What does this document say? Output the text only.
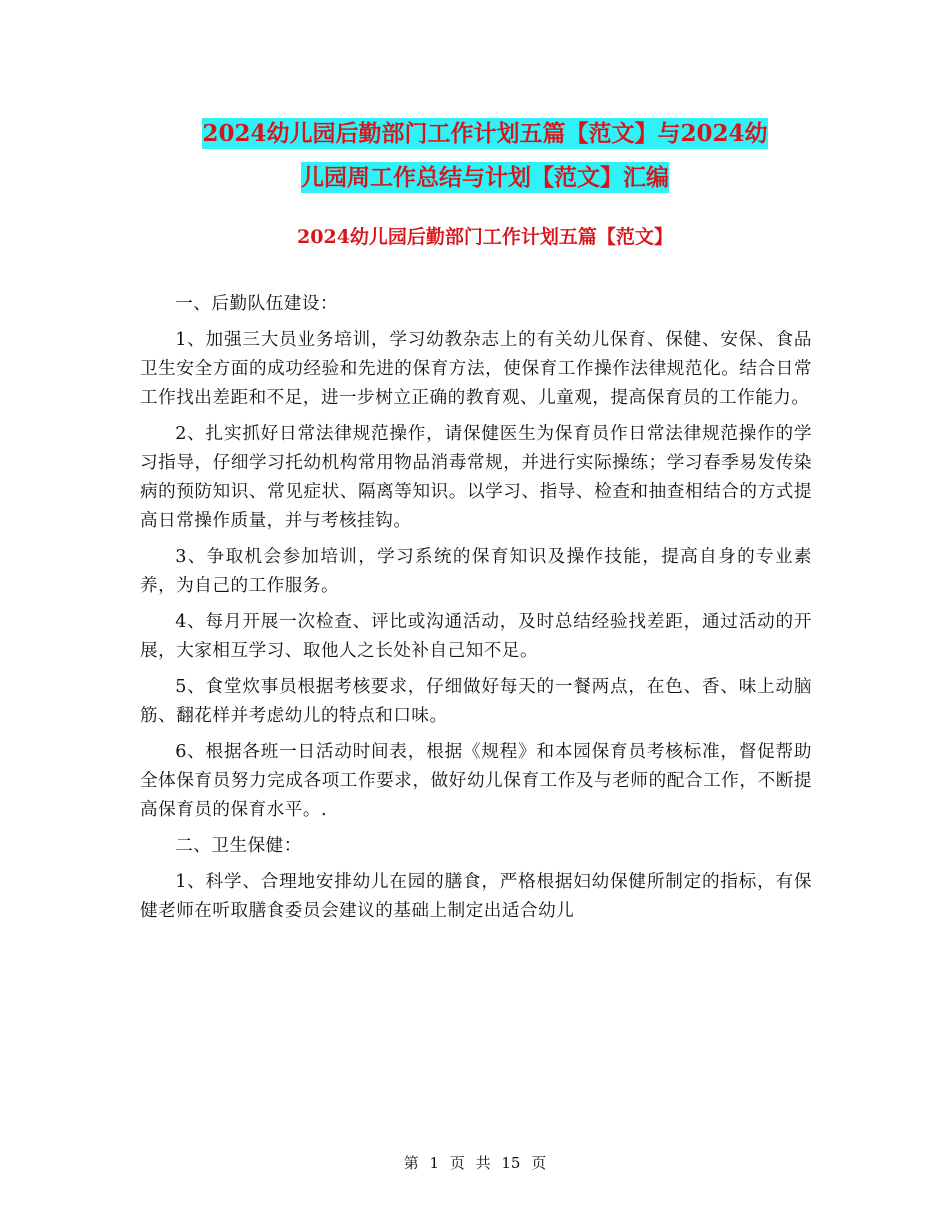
2024幼儿园后勤部门工作计划五篇【范文】与2024幼
儿园周工作总结与计划【范文】汇编
2024幼儿园后勤部门工作计划五篇【范文】

一、后勤队伍建设：

1、加强三大员业务培训，学习幼教杂志上的有关幼儿保育、保健、安保、食品卫生安全方面的成功经验和先进的保育方法，使保育工作操作法律规范化。结合日常工作找出差距和不足，进一步树立正确的教育观、儿童观，提高保育员的工作能力。

2、扎实抓好日常法律规范操作，请保健医生为保育员作日常法律规范操作的学习指导，仔细学习托幼机构常用物品消毒常规，并进行实际操练；学习春季易发传染病的预防知识、常见症状、隔离等知识。以学习、指导、检查和抽查相结合的方式提高日常操作质量，并与考核挂钩。

3、争取机会参加培训，学习系统的保育知识及操作技能，提高自身的专业素养，为自己的工作服务。

4、每月开展一次检查、评比或沟通活动，及时总结经验找差距，通过活动的开展，大家相互学习、取他人之长处补自己知不足。

5、食堂炊事员根据考核要求，仔细做好每天的一餐两点，在色、香、味上动脑筋、翻花样并考虑幼儿的特点和口味。

6、根据各班一日活动时间表，根据《规程》和本园保育员考核标准，督促帮助全体保育员努力完成各项工作要求，做好幼儿保育工作及与老师的配合工作，不断提高保育员的保育水平。.

二、卫生保健：

1、科学、合理地安排幼儿在园的膳食，严格根据妇幼保健所制定的指标，有保健老师在听取膳食委员会建议的基础上制定出适合幼儿

第 1 页 共 15 页
